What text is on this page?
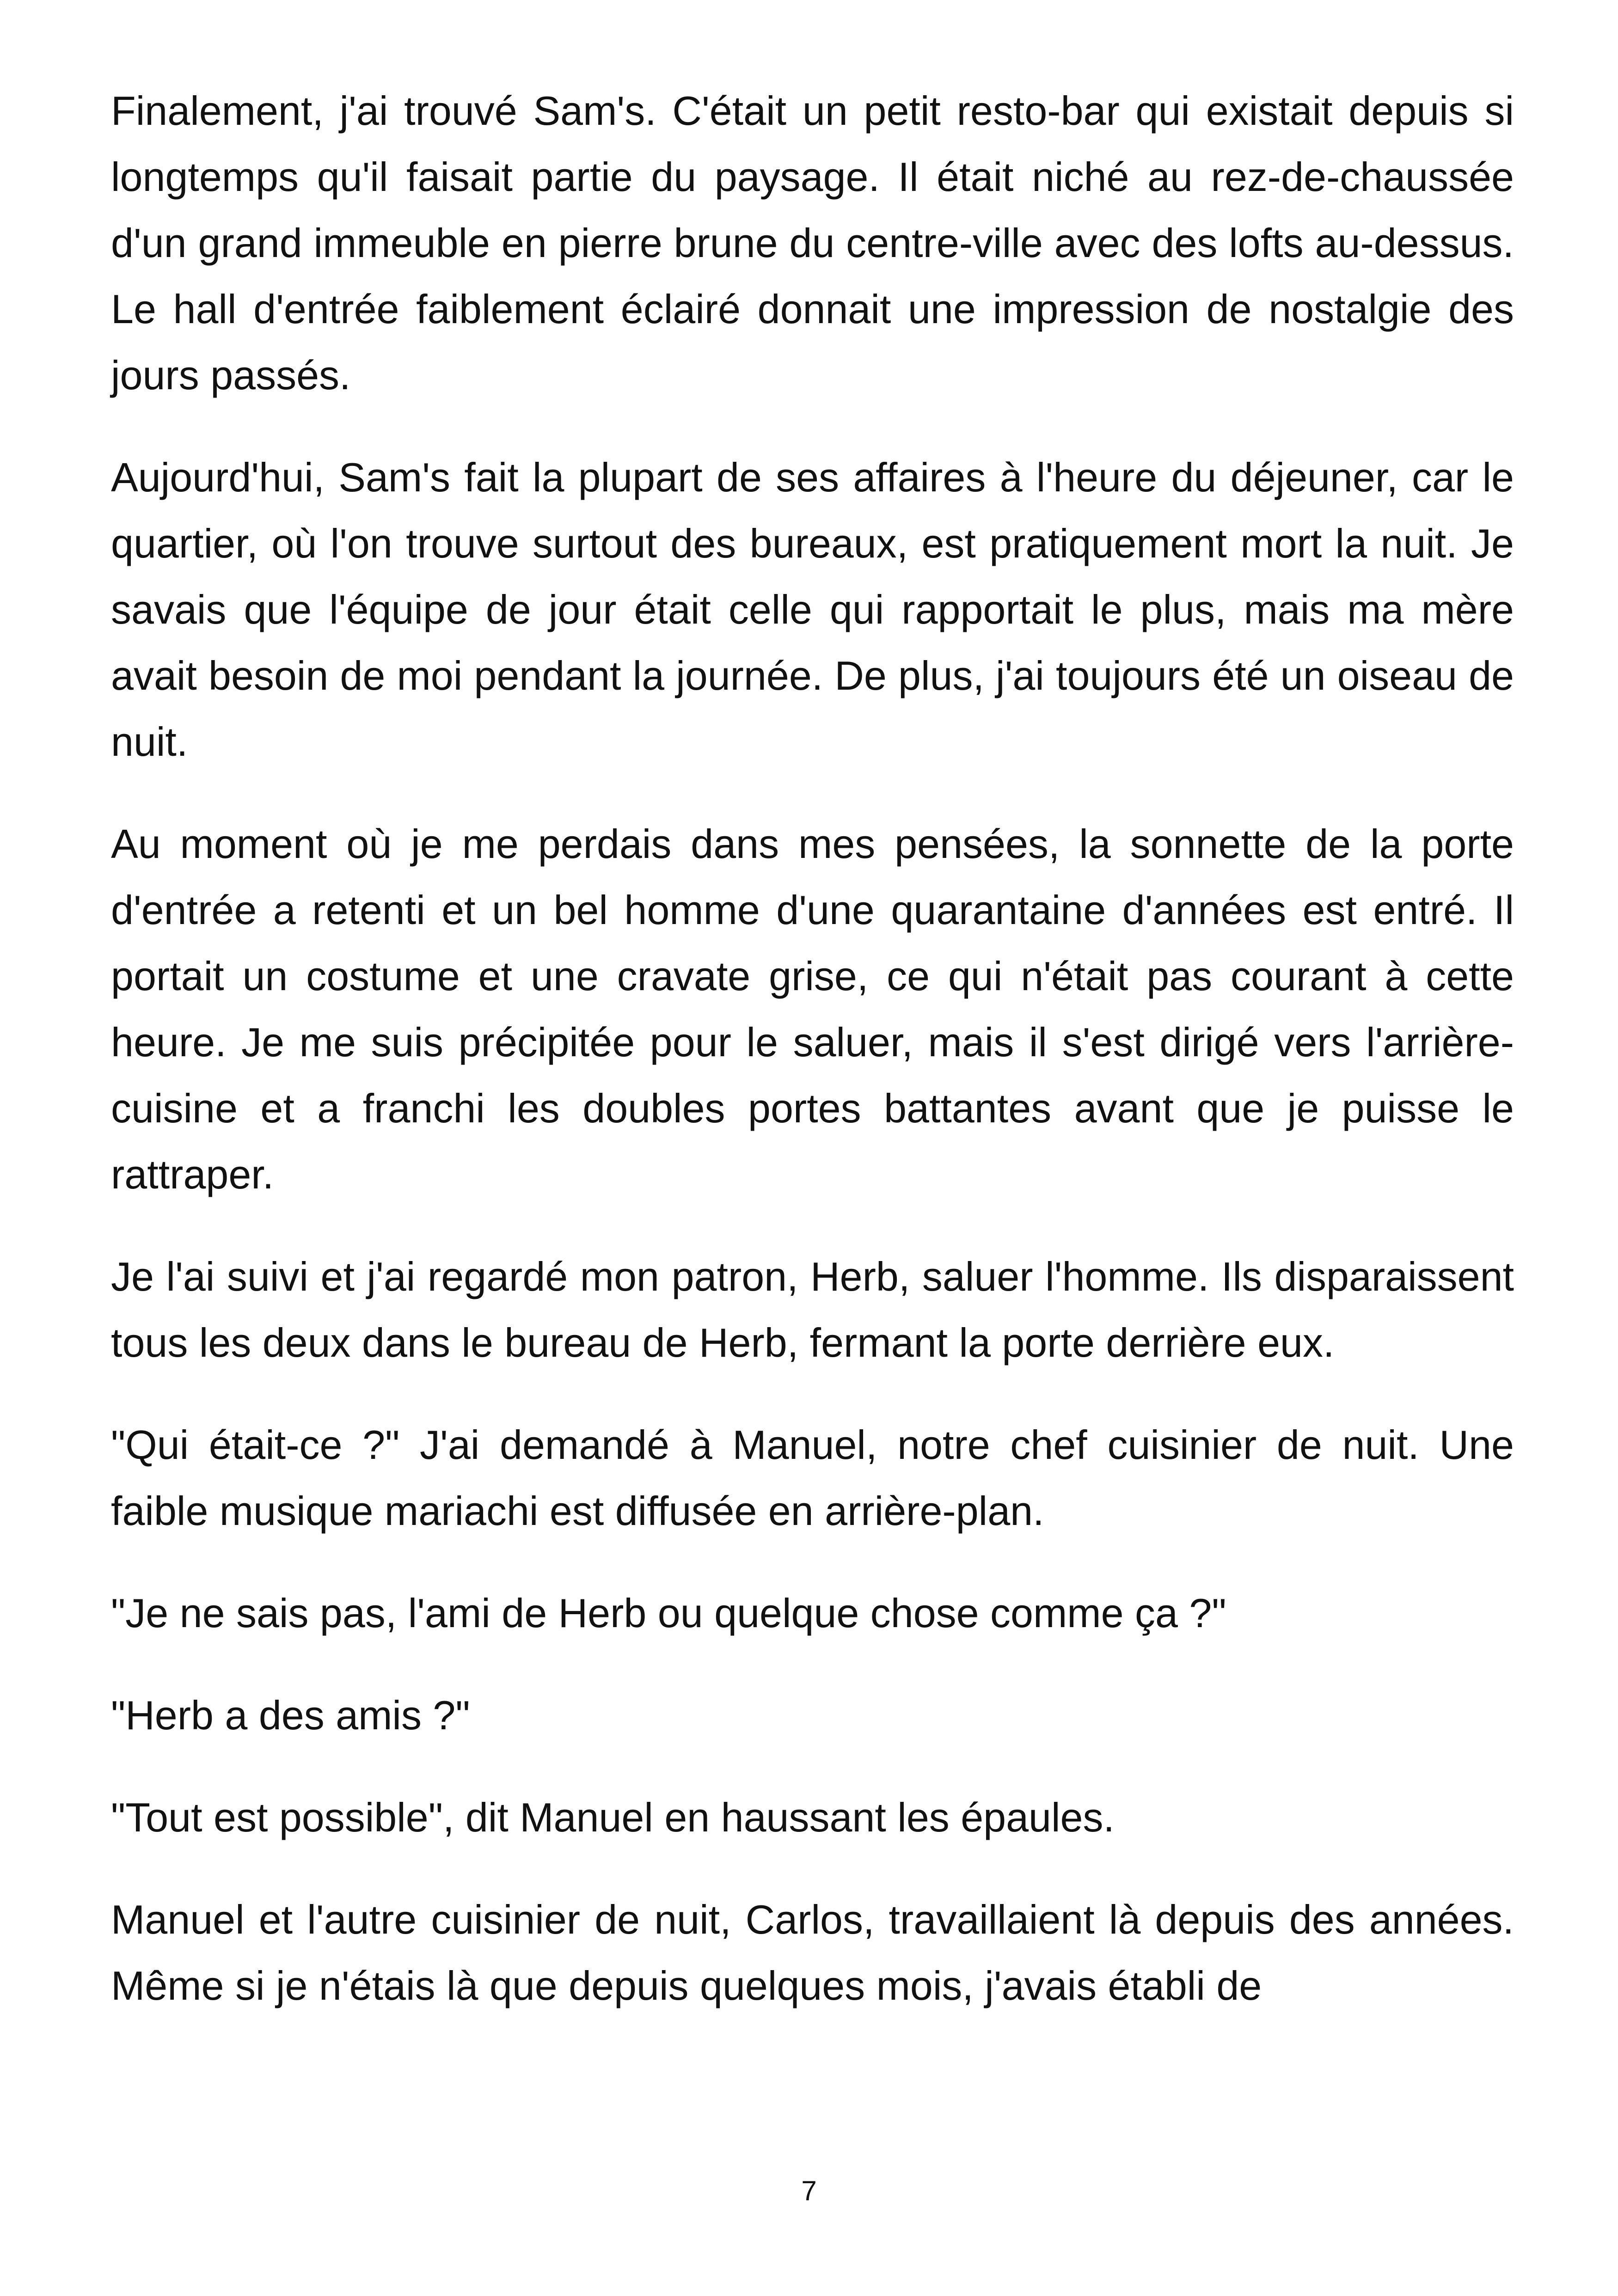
Finalement, j'ai trouvé Sam's. C'était un petit resto-bar qui existait depuis si longtemps qu'il faisait partie du paysage. Il était niché au rez-de-chaussée d'un grand immeuble en pierre brune du centre-ville avec des lofts au-dessus. Le hall d'entrée faiblement éclairé donnait une impression de nostalgie des jours passés.

Aujourd'hui, Sam's fait la plupart de ses affaires à l'heure du déjeuner, car le quartier, où l'on trouve surtout des bureaux, est pratiquement mort la nuit. Je savais que l'équipe de jour était celle qui rapportait le plus, mais ma mère avait besoin de moi pendant la journée. De plus, j'ai toujours été un oiseau de nuit.

Au moment où je me perdais dans mes pensées, la sonnette de la porte d'entrée a retenti et un bel homme d'une quarantaine d'années est entré. Il portait un costume et une cravate grise, ce qui n'était pas courant à cette heure. Je me suis précipitée pour le saluer, mais il s'est dirigé vers l'arrière-cuisine et a franchi les doubles portes battantes avant que je puisse le rattraper.

Je l'ai suivi et j'ai regardé mon patron, Herb, saluer l'homme. Ils disparaissent tous les deux dans le bureau de Herb, fermant la porte derrière eux.

"Qui était-ce ?" J'ai demandé à Manuel, notre chef cuisinier de nuit. Une faible musique mariachi est diffusée en arrière-plan.

"Je ne sais pas, l'ami de Herb ou quelque chose comme ça ?"

"Herb a des amis ?"

"Tout est possible", dit Manuel en haussant les épaules.

Manuel et l'autre cuisinier de nuit, Carlos, travaillaient là depuis des années. Même si je n'étais là que depuis quelques mois, j'avais établi de

7
